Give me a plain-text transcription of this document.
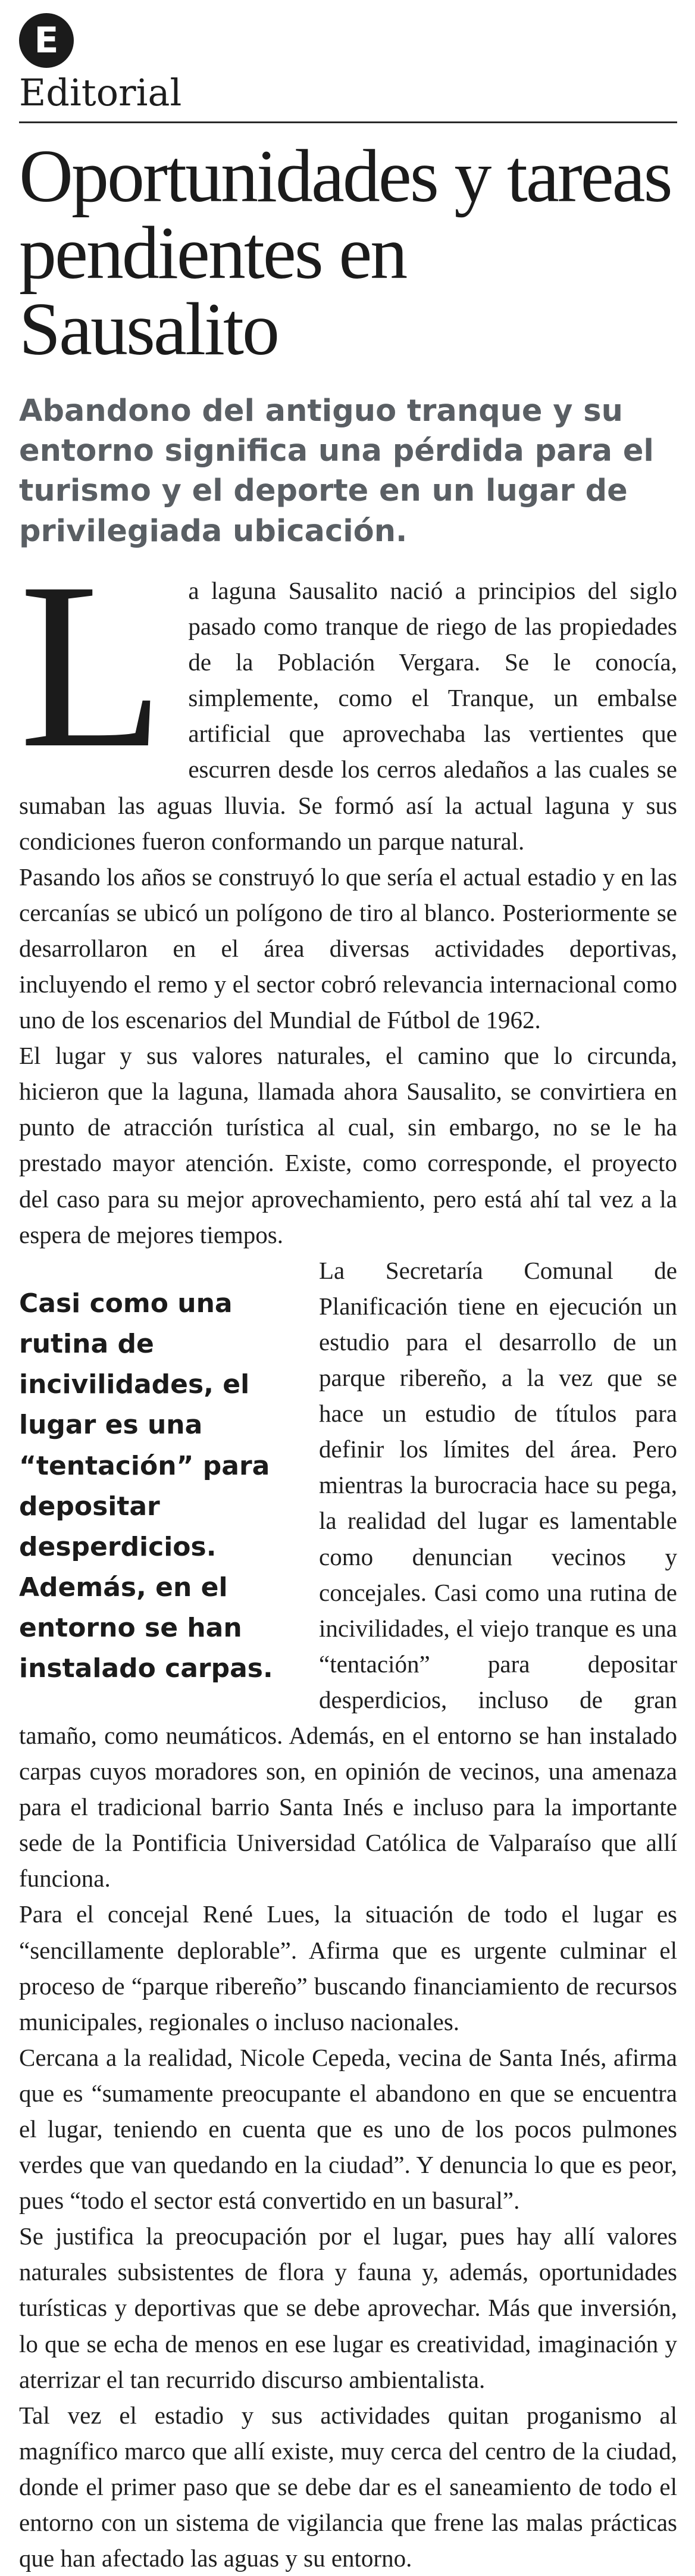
E
Editorial
Oportunidades y tareas pendientes en Sausalito
Abandono del antiguo tranque y su entorno significa una pérdida para el turismo y el deporte en un lugar de privilegiada ubicación.

La laguna Sausalito nació a principios del siglo pasado como tranque de riego de las propiedades de la Población Vergara. Se le conocía, simplemente, como el Tranque, un embalse artificial que aprovechaba las vertientes que escurren desde los cerros aledaños a las cuales se sumaban las aguas lluvia. Se formó así la actual laguna y sus condiciones fueron conformando un parque natural.

Pasando los años se construyó lo que sería el actual estadio y en las cercanías se ubicó un polígono de tiro al blanco. Posteriormente se desarrollaron en el área diversas actividades deportivas, incluyendo el remo y el sector cobró relevancia internacional como uno de los escenarios del Mundial de Fútbol de 1962.

El lugar y sus valores naturales, el camino que lo circunda, hicieron que la laguna, llamada ahora Sausalito, se convirtiera en punto de atracción turística al cual, sin embargo, no se le ha prestado mayor atención. Existe, como corresponde, el proyecto del caso para su mejor aprovechamiento, pero está ahí tal vez a la espera de mejores tiempos.

Casi como una rutina de incivilidades, el lugar es una “tentación” para depositar desperdicios. Además, en el entorno se han instalado carpas.

La Secretaría Comunal de Planificación tiene en ejecución un estudio para el desarrollo de un parque ribereño, a la vez que se hace un estudio de títulos para definir los límites del área. Pero mientras la burocracia hace su pega, la realidad del lugar es lamentable como denuncian vecinos y concejales. Casi como una rutina de incivilidades, el viejo tranque es una “tentación” para depositar desperdicios, incluso de gran tamaño, como neumáticos. Además, en el entorno se han instalado carpas cuyos moradores son, en opinión de vecinos, una amenaza para el tradicional barrio Santa Inés e incluso para la importante sede de la Pontificia Universidad Católica de Valparaíso que allí funciona.

Para el concejal René Lues, la situación de todo el lugar es “sencillamente deplorable”. Afirma que es urgente culminar el proceso de “parque ribereño” buscando financiamiento de recursos municipales, regionales o incluso nacionales.

Cercana a la realidad, Nicole Cepeda, vecina de Santa Inés, afirma que es “sumamente preocupante el abandono en que se encuentra el lugar, teniendo en cuenta que es uno de los pocos pulmones verdes que van quedando en la ciudad”. Y denuncia lo que es peor, pues “todo el sector está convertido en un basural”.

Se justifica la preocupación por el lugar, pues hay allí valores naturales subsistentes de flora y fauna y, además, oportunidades turísticas y deportivas que se debe aprovechar. Más que inversión, lo que se echa de menos en ese lugar es creatividad, imaginación y aterrizar el tan recurrido discurso ambientalista.

Tal vez el estadio y sus actividades quitan proganismo al magnífico marco que allí existe, muy cerca del centro de la ciudad, donde el primer paso que se debe dar es el saneamiento de todo el entorno con un sistema de vigilancia que frene las malas prácticas que han afectado las aguas y su entorno.
